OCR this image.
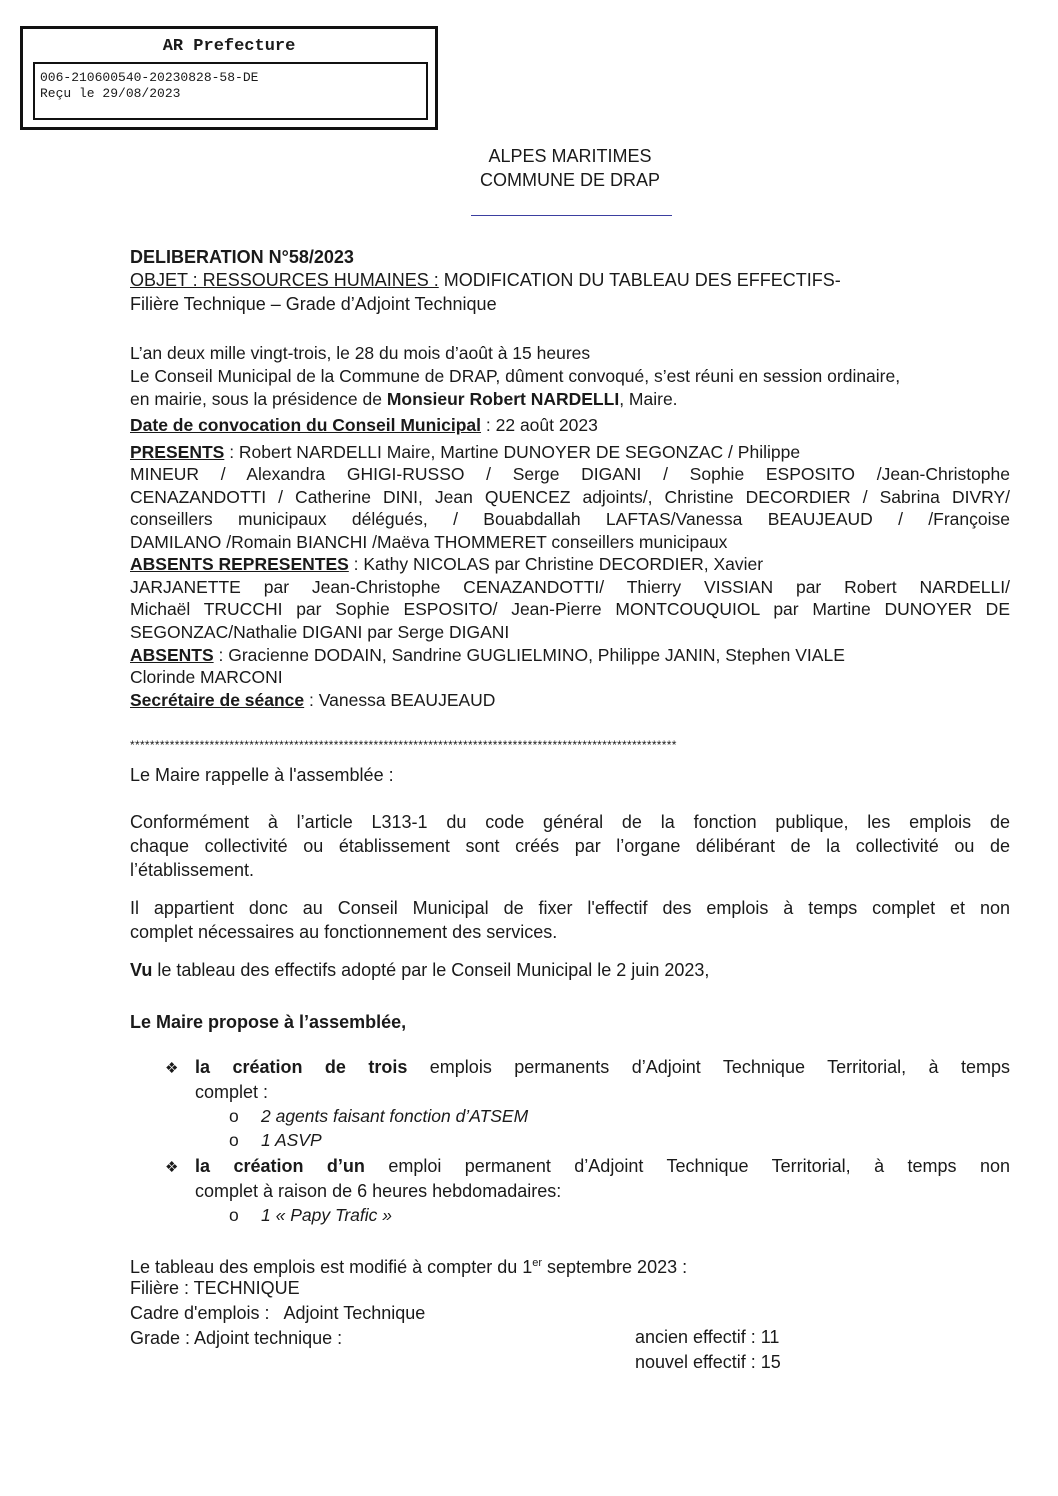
AR Prefecture
006-210600540-20230828-58-DE
Reçu le 29/08/2023
ALPES MARITIMES
COMMUNE DE DRAP
DELIBERATION N°58/2023
OBJET : RESSOURCES HUMAINES : MODIFICATION DU TABLEAU DES EFFECTIFS-
Filière Technique – Grade d’Adjoint Technique
L’an deux mille vingt-trois, le 28 du mois d’août à 15 heures
Le Conseil Municipal de la Commune de DRAP, dûment convoqué, s’est réuni en session ordinaire,
en mairie, sous la présidence de Monsieur Robert NARDELLI, Maire.
Date de convocation du Conseil Municipal : 22 août 2023
PRESENTS : Robert NARDELLI Maire, Martine DUNOYER DE SEGONZAC / Philippe
MINEUR / Alexandra GHIGI-RUSSO / Serge DIGANI / Sophie ESPOSITO /Jean-Christophe
CENAZANDOTTI / Catherine DINI, Jean QUENCEZ adjoints/, Christine DECORDIER / Sabrina DIVRY/
conseillers municipaux délégués, / Bouabdallah LAFTAS/Vanessa BEAUJEAUD / /Françoise
DAMILANO /Romain BIANCHI /Maëva THOMMERET conseillers municipaux
ABSENTS REPRESENTES : Kathy NICOLAS par Christine DECORDIER, Xavier
JARJANETTE par Jean-Christophe CENAZANDOTTI/ Thierry VISSIAN par Robert NARDELLI/
Michaël TRUCCHI par Sophie ESPOSITO/ Jean-Pierre MONTCOUQUIOL par Martine DUNOYER DE
SEGONZAC/Nathalie DIGANI par Serge DIGANI
ABSENTS : Gracienne DODAIN, Sandrine GUGLIELMINO, Philippe JANIN, Stephen VIALE
Clorinde MARCONI
Secrétaire de séance : Vanessa BEAUJEAUD
**************************************************************************************************************
Le Maire rappelle à l'assemblée :
Conformément à l’article L313-1 du code général de la fonction publique, les emplois de
chaque collectivité ou établissement sont créés par l’organe délibérant de la collectivité ou de
l’établissement.
Il appartient donc au Conseil Municipal de fixer l'effectif des emplois à temps complet et non
complet nécessaires au fonctionnement des services.
Vu le tableau des effectifs adopté par le Conseil Municipal le 2 juin 2023,
Le Maire propose à l’assemblée,
❖ la création de trois emplois permanents d’Adjoint Technique Territorial, à temps
complet :
o 2 agents faisant fonction d’ATSEM
o 1 ASVP
❖ la création d’un emploi permanent d’Adjoint Technique Territorial, à temps non
complet à raison de 6 heures hebdomadaires:
o 1 « Papy Trafic »
Le tableau des emplois est modifié à compter du 1er septembre 2023 :
Filière : TECHNIQUE
Cadre d'emplois : Adjoint Technique
Grade : Adjoint technique :	ancien effectif : 11
nouvel effectif : 15
